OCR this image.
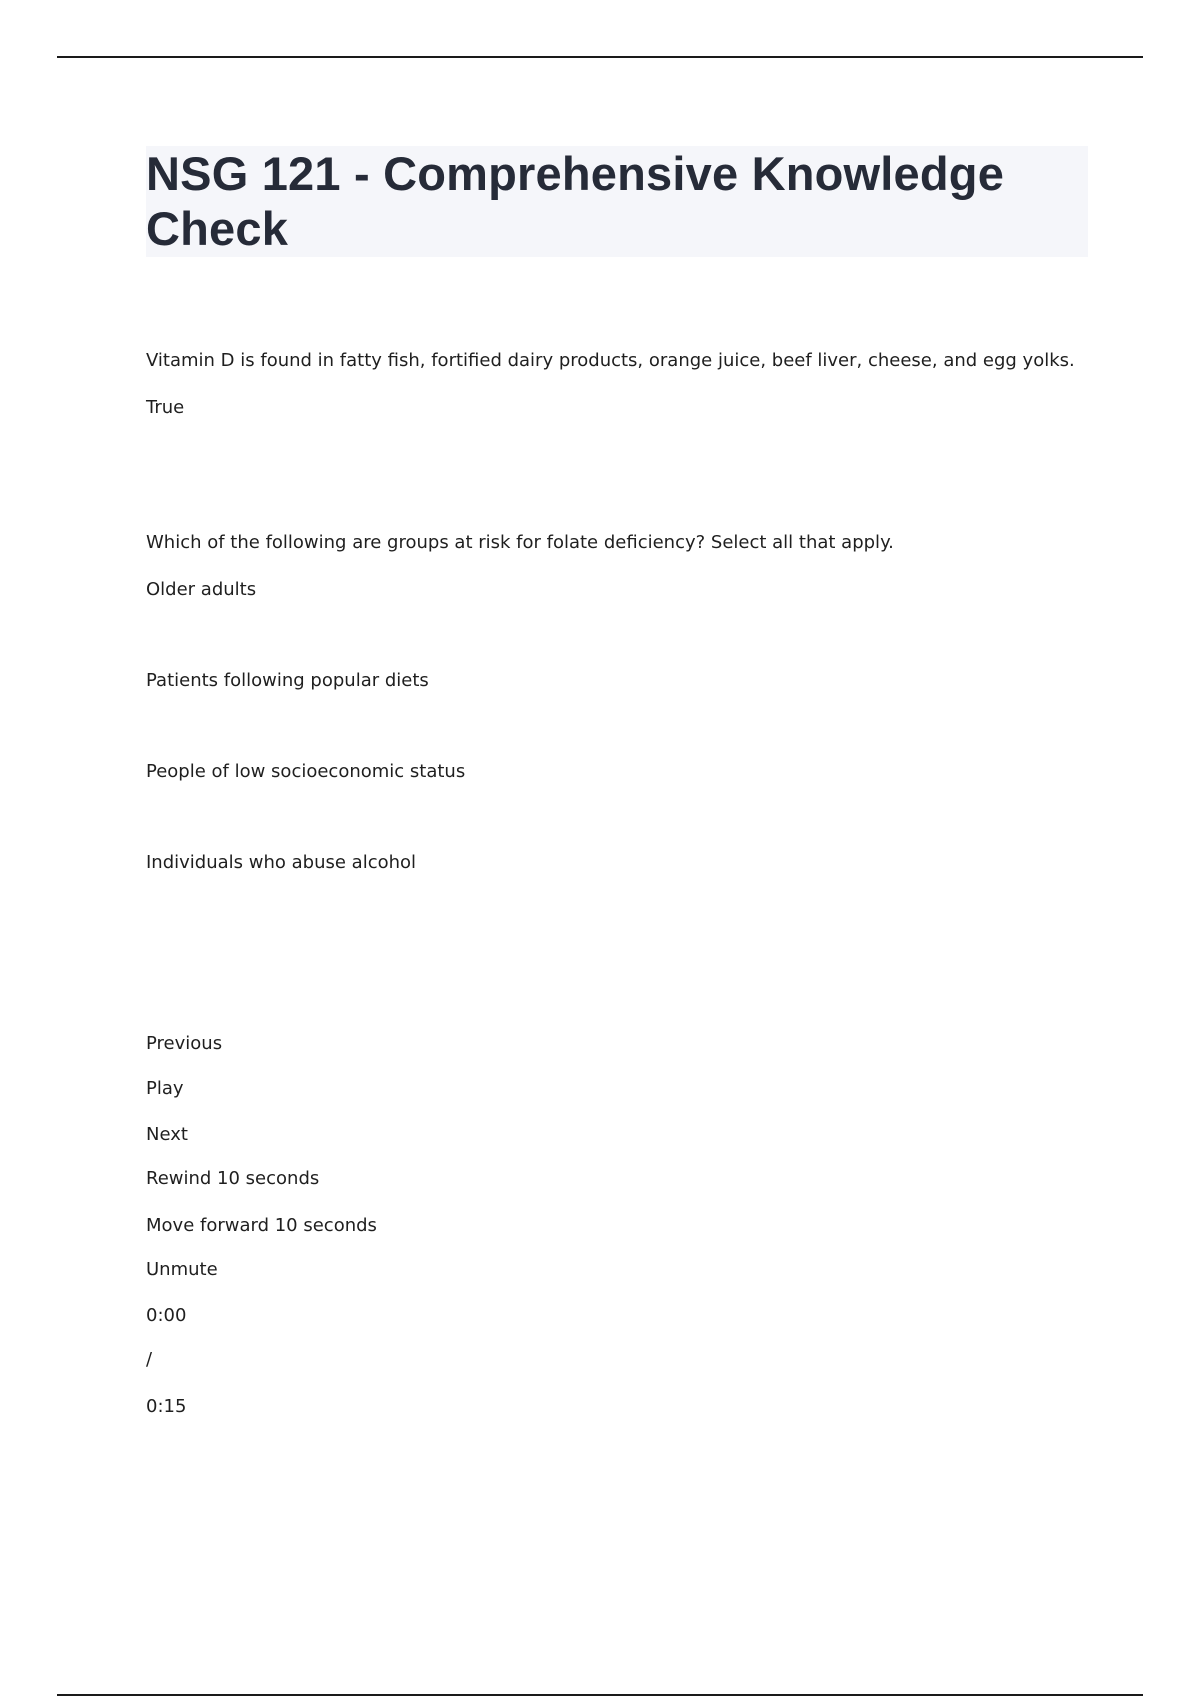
NSG 121 - Comprehensive Knowledge Check
Vitamin D is found in fatty fish, fortified dairy products, orange juice, beef liver, cheese, and egg yolks.
True
Which of the following are groups at risk for folate deficiency? Select all that apply.
Older adults
Patients following popular diets
People of low socioeconomic status
Individuals who abuse alcohol
Previous
Play
Next
Rewind 10 seconds
Move forward 10 seconds
Unmute
0:00
/
0:15
